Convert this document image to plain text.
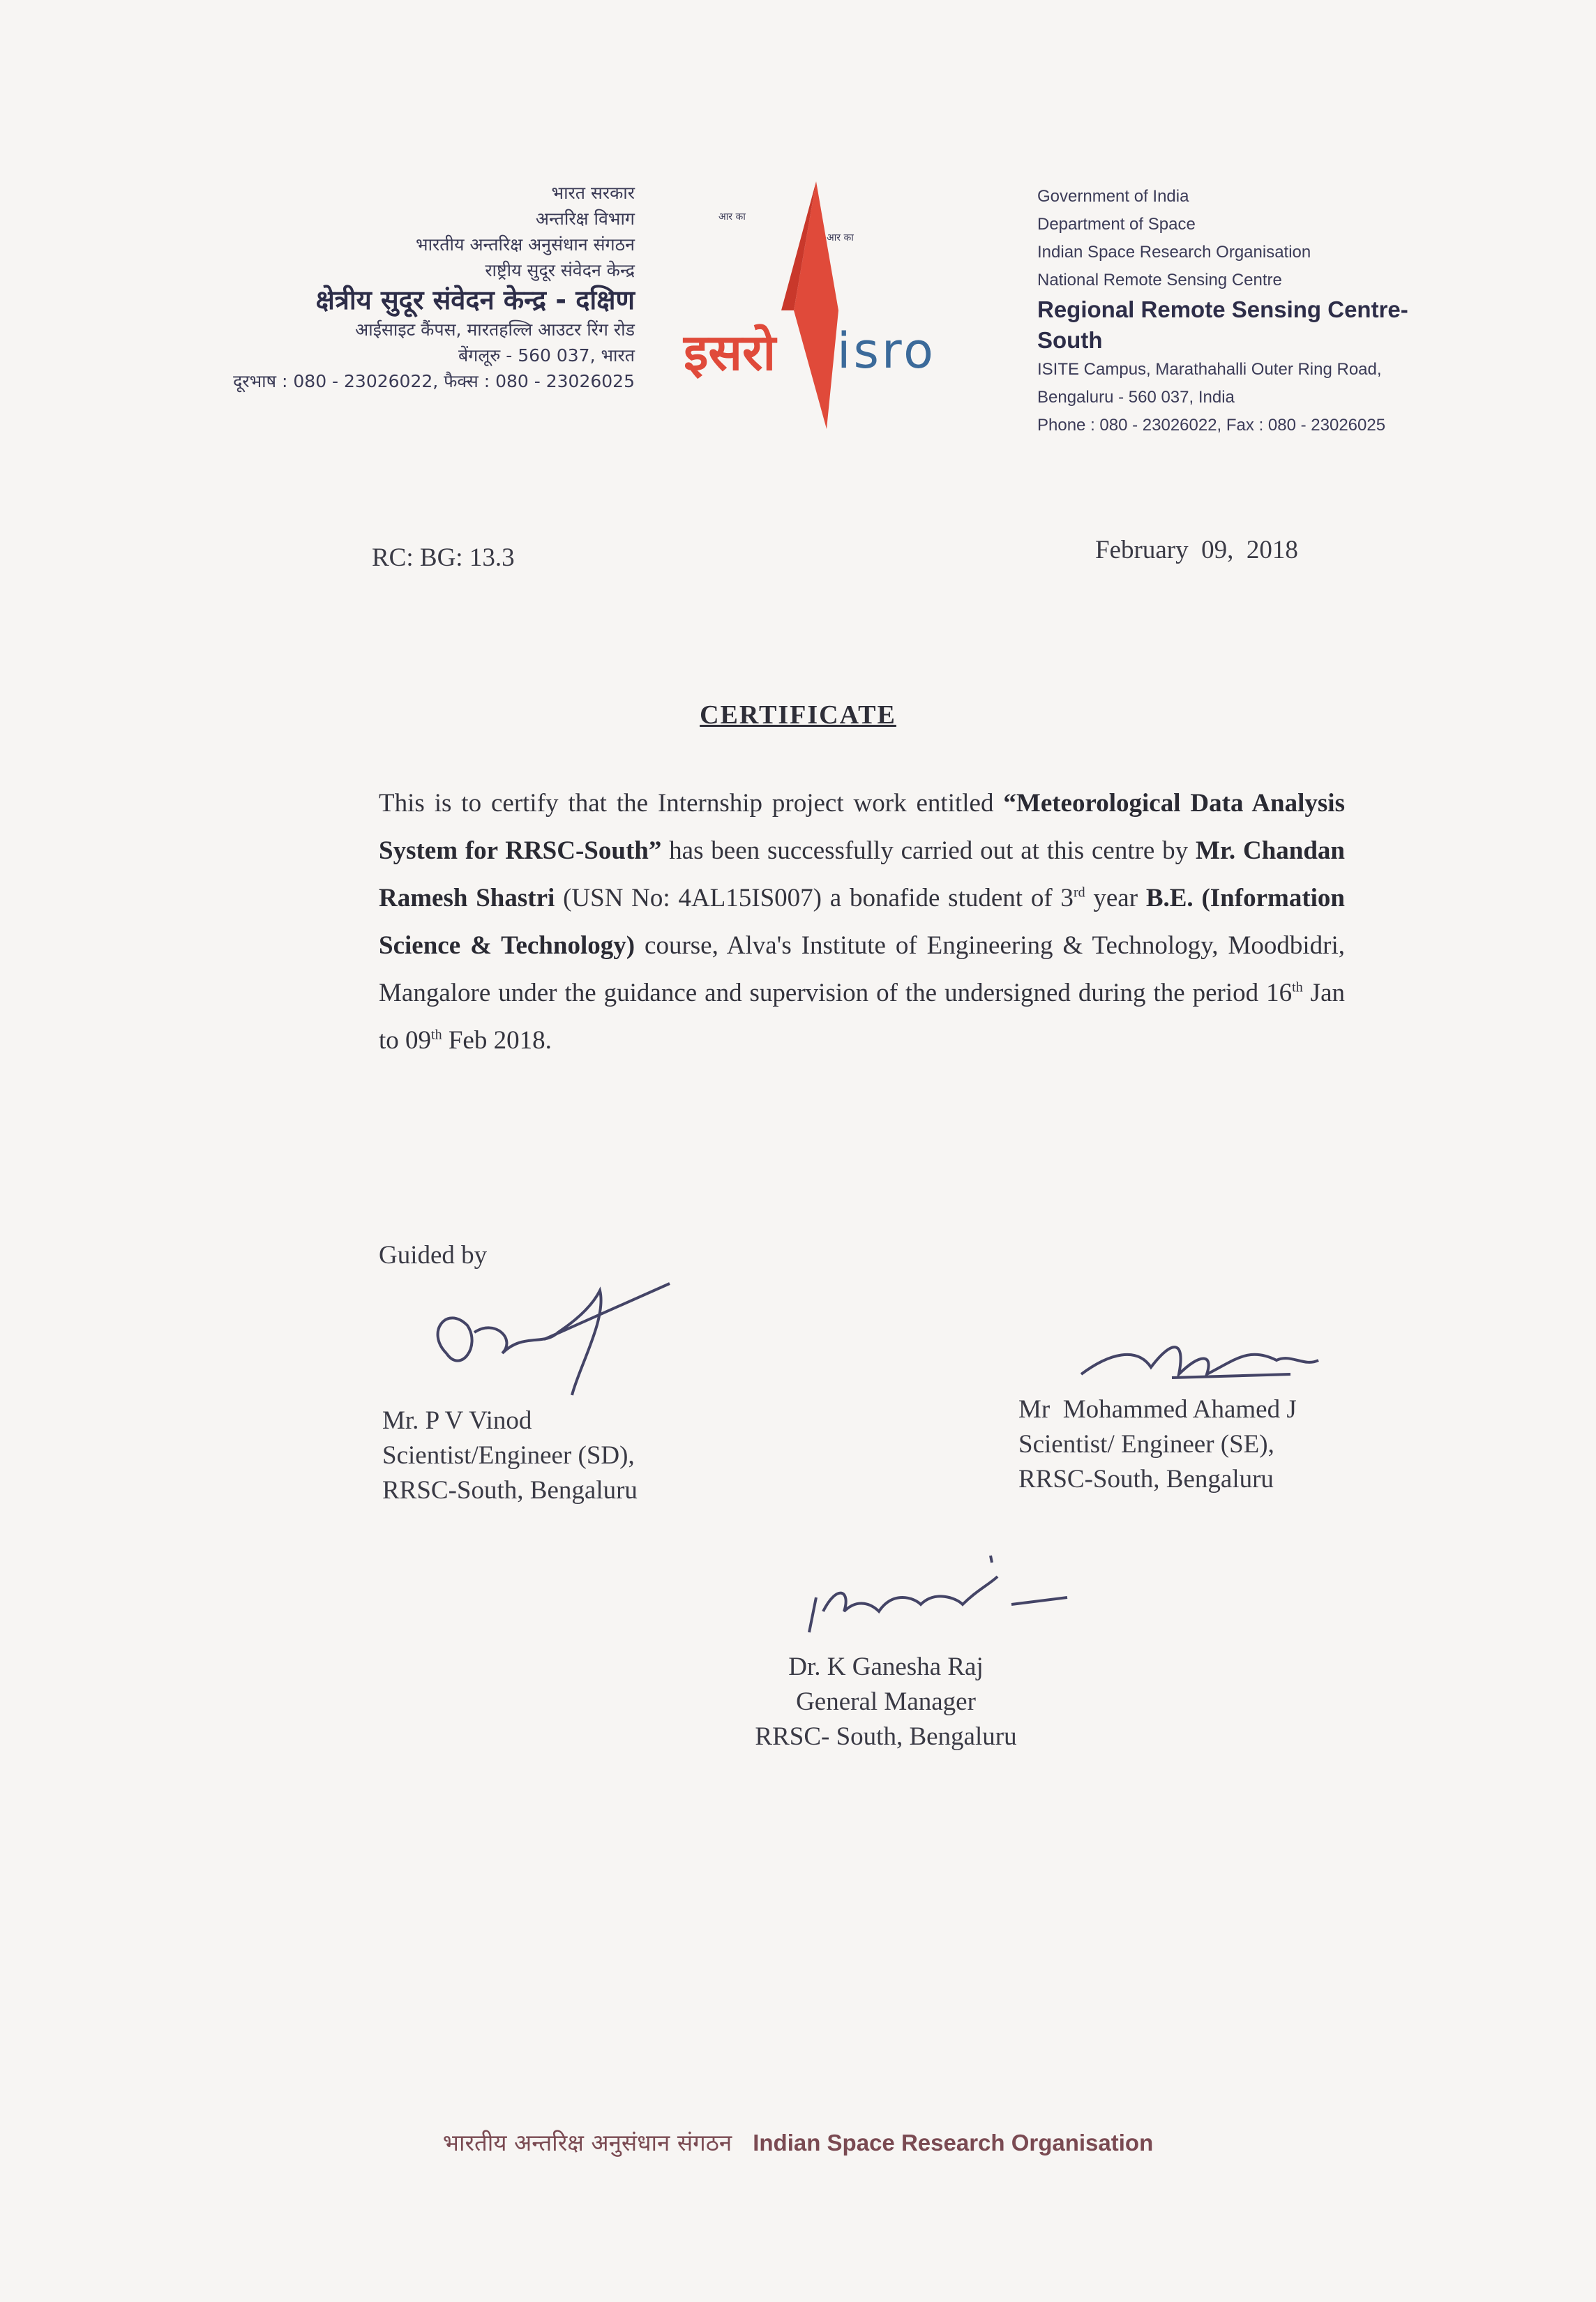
भारत सरकार
अन्तरिक्ष विभाग
भारतीय अन्तरिक्ष अनुसंधान संगठन
राष्ट्रीय सुदूर संवेदन केन्द्र
क्षेत्रीय सुदूर संवेदन केन्द्र - दक्षिण
आईसाइट कैंपस, मारतहल्लि आउटर रिंग रोड
बेंगलूरु - 560 037, भारत
दूरभाष : 080 - 23026022, फैक्स : 080 - 23026025
आर का
आर का
इसरो isro
Government of India
Department of Space
Indian Space Research Organisation
National Remote Sensing Centre
Regional Remote Sensing Centre-South
ISITE Campus, Marathahalli Outer Ring Road,
Bengaluru - 560 037, India
Phone : 080 - 23026022, Fax : 080 - 23026025
RC: BG: 13.3	February  09,  2018
CERTIFICATE
This is to certify that the Internship project work entitled “Meteorological Data Analysis System for RRSC-South” has been successfully carried out at this centre by Mr. Chandan Ramesh Shastri (USN No: 4AL15IS007) a bonafide student of 3rd year B.E. (Information Science & Technology) course, Alva's Institute of Engineering & Technology, Moodbidri, Mangalore under the guidance and supervision of the undersigned during the period 16th Jan to 09th Feb 2018.
Guided by
Mr. P V Vinod
Scientist/Engineer (SD),
RRSC-South, Bengaluru
Mr  Mohammed Ahamed J
Scientist/ Engineer (SE),
RRSC-South, Bengaluru
Dr. K Ganesha Raj
General Manager
RRSC- South, Bengaluru
भारतीय अन्तरिक्ष अनुसंधान संगठन Indian Space Research Organisation
